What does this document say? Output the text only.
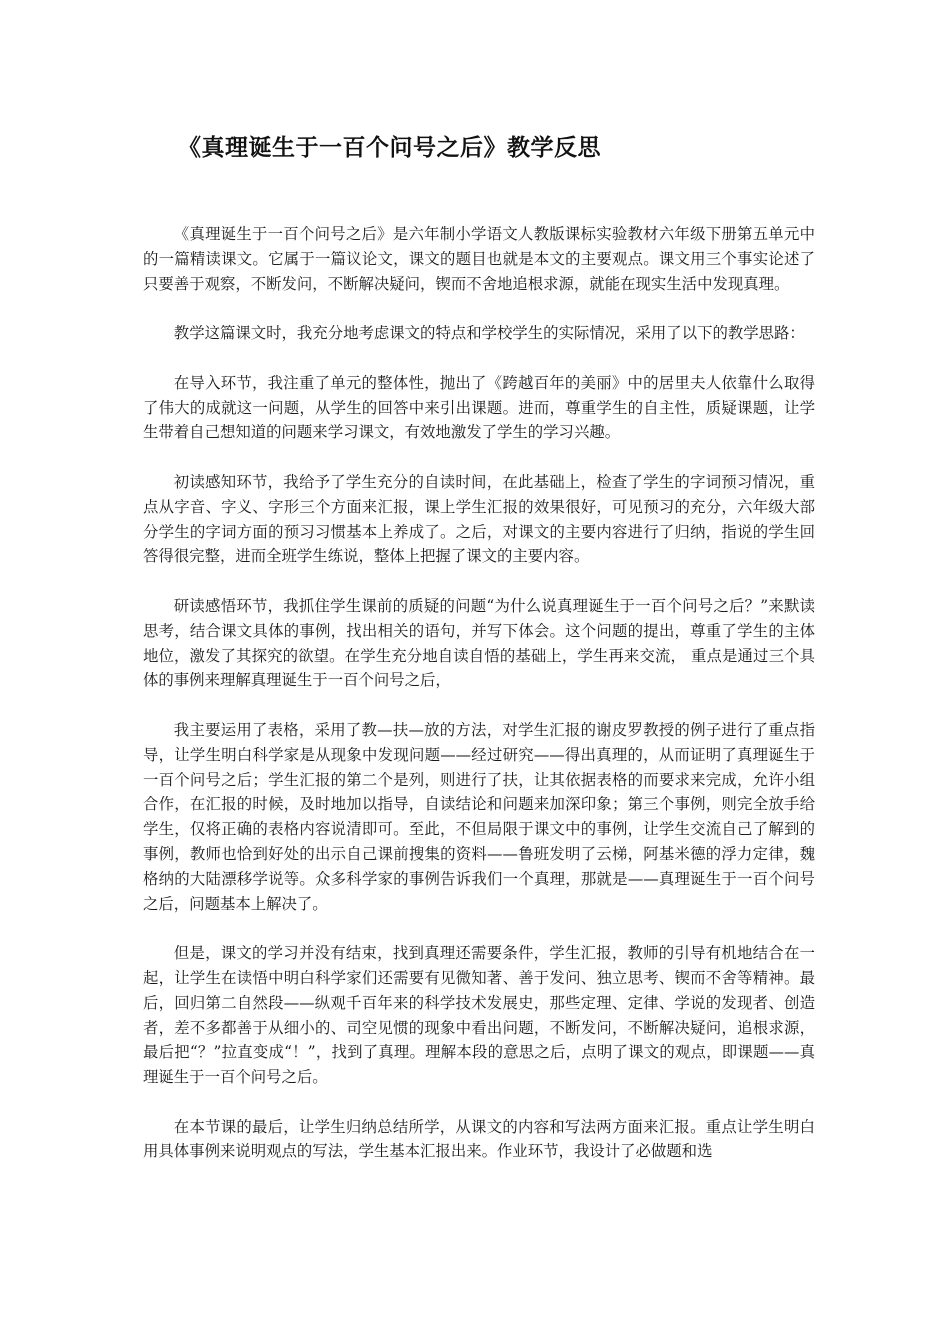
《真理诞生于一百个问号之后》教学反思

《真理诞生于一百个问号之后》是六年制小学语文人教版课标实验教材六年级下册第五单元中的一篇精读课文。它属于一篇议论文，课文的题目也就是本文的主要观点。课文用三个事实论述了只要善于观察，不断发问，不断解决疑问，锲而不舍地追根求源，就能在现实生活中发现真理。

教学这篇课文时，我充分地考虑课文的特点和学校学生的实际情况，采用了以下的教学思路：

在导入环节，我注重了单元的整体性，抛出了《跨越百年的美丽》中的居里夫人依靠什么取得了伟大的成就这一问题，从学生的回答中来引出课题。进而，尊重学生的自主性，质疑课题，让学生带着自己想知道的问题来学习课文，有效地激发了学生的学习兴趣。

初读感知环节，我给予了学生充分的自读时间，在此基础上，检查了学生的字词预习情况，重点从字音、字义、字形三个方面来汇报，课上学生汇报的效果很好，可见预习的充分，六年级大部分学生的字词方面的预习习惯基本上养成了。之后，对课文的主要内容进行了归纳，指说的学生回答得很完整，进而全班学生练说，整体上把握了课文的主要内容。

研读感悟环节，我抓住学生课前的质疑的问题“为什么说真理诞生于一百个问号之后？”来默读思考，结合课文具体的事例，找出相关的语句，并写下体会。这个问题的提出，尊重了学生的主体地位，激发了其探究的欲望。在学生充分地自读自悟的基础上，学生再来交流， 重点是通过三个具体的事例来理解真理诞生于一百个问号之后，

我主要运用了表格，采用了教—扶—放的方法，对学生汇报的谢皮罗教授的例子进行了重点指导，让学生明白科学家是从现象中发现问题——经过研究——得出真理的，从而证明了真理诞生于一百个问号之后；学生汇报的第二个是列，则进行了扶，让其依据表格的而要求来完成，允许小组合作，在汇报的时候，及时地加以指导，自读结论和问题来加深印象；第三个事例，则完全放手给学生，仅将正确的表格内容说清即可。至此，不但局限于课文中的事例，让学生交流自己了解到的事例，教师也恰到好处的出示自己课前搜集的资料——鲁班发明了云梯，阿基米德的浮力定律，魏格纳的大陆漂移学说等。众多科学家的事例告诉我们一个真理，那就是——真理诞生于一百个问号之后，问题基本上解决了。

但是，课文的学习并没有结束，找到真理还需要条件，学生汇报，教师的引导有机地结合在一起，让学生在读悟中明白科学家们还需要有见微知著、善于发问、独立思考、锲而不舍等精神。最后，回归第二自然段——纵观千百年来的科学技术发展史，那些定理、定律、学说的发现者、创造者，差不多都善于从细小的、司空见惯的现象中看出问题，不断发问，不断解决疑问，追根求源，最后把“？”拉直变成“！”，找到了真理。理解本段的意思之后，点明了课文的观点，即课题——真理诞生于一百个问号之后。

在本节课的最后，让学生归纳总结所学，从课文的内容和写法两方面来汇报。重点让学生明白用具体事例来说明观点的写法，学生基本汇报出来。作业环节，我设计了必做题和选
